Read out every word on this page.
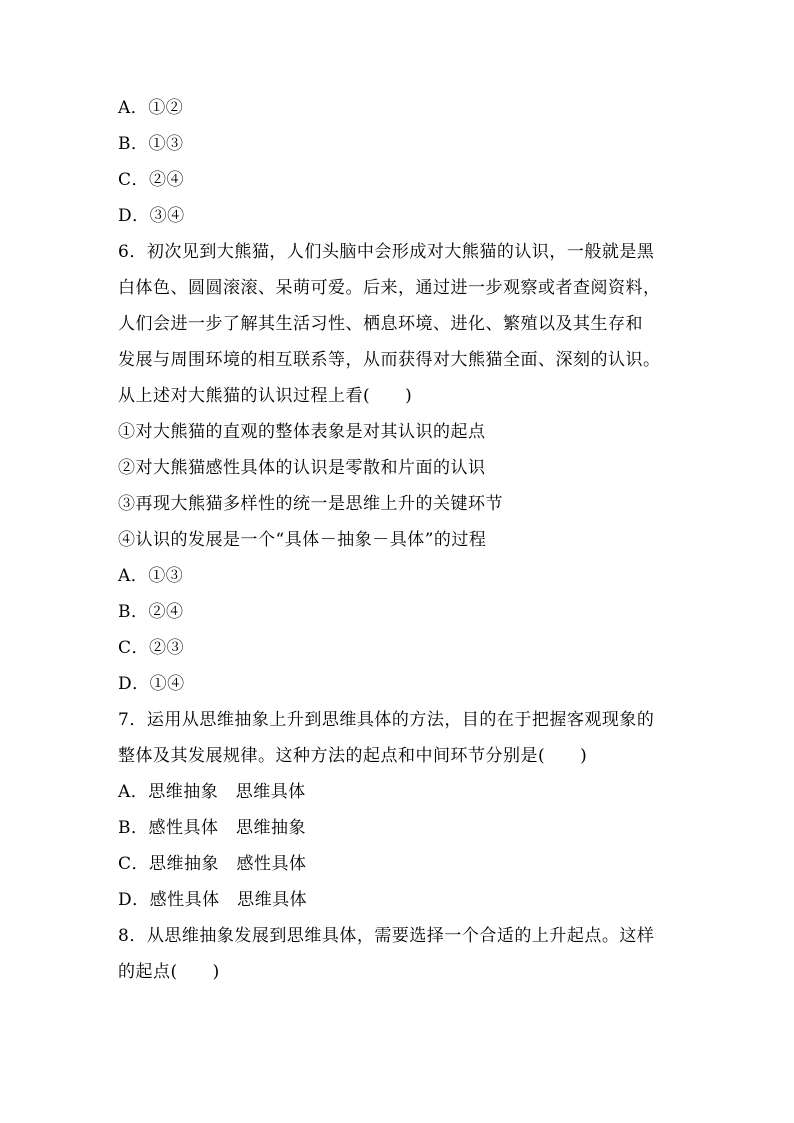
A．①②
B．①③
C．②④
D．③④
6．初次见到大熊猫，人们头脑中会形成对大熊猫的认识，一般就是黑
白体色、圆圆滚滚、呆萌可爱。后来，通过进一步观察或者查阅资料，
人们会进一步了解其生活习性、栖息环境、进化、繁殖以及其生存和
发展与周围环境的相互联系等，从而获得对大熊猫全面、深刻的认识。
从上述对大熊猫的认识过程上看(　　)
①对大熊猫的直观的整体表象是对其认识的起点
②对大熊猫感性具体的认识是零散和片面的认识
③再现大熊猫多样性的统一是思维上升的关键环节
④认识的发展是一个“具体－抽象－具体”的过程
A．①③
B．②④
C．②③
D．①④
7．运用从思维抽象上升到思维具体的方法，目的在于把握客观现象的
整体及其发展规律。这种方法的起点和中间环节分别是(　　)
A．思维抽象　思维具体
B．感性具体　思维抽象
C．思维抽象　感性具体
D．感性具体　思维具体
8．从思维抽象发展到思维具体，需要选择一个合适的上升起点。这样
的起点(　　)
